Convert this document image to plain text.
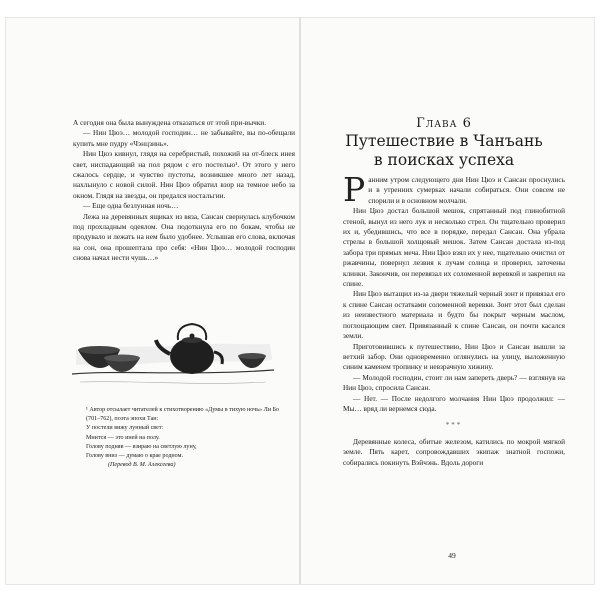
А сегодня она была вынуждена отказаться от этой при-вычки.

— Нин Цюэ… молодой господин… не забывайте, вы по-обещали купить мне пудру «Чэнцзинь».

Нин Цюэ кивнул, глядя на серебристый, похожий на от-блеск инея свет, ниспадающий на пол рядом с его постелью¹. От этого у него сжалось сердце, и чувство пустоты, возникшее много лет назад, нахлынуло с новой силой. Нин Цюэ обратил взор на темное небо за окном. Глядя на звезды, он предался ностальгии.

— Еще одна безлунная ночь…

Лежа на деревянных ящиках из вяза, Сансан свернулась клубочком под прохладным одеялом. Она подоткнула его по бокам, чтобы не продувало и лежать на нем было удобнее. Услышав его слова, включая на сон, она прошептала про себя: «Нин Цюэ… молодой господин снова начал нести чушь…»

¹ Автор отсылает читателей к стихотворению «Думы в тихую ночь» Ли Бо (701–762), поэта эпохи Тан:

У постели вижу лунный свет:

Мнится — это иней на полу.

Голову подняв — взираю на светлую луну,

Голову вниз — думаю о крае родном.

(Перевод В. М. Алексеева)

Глава 6
Путешествие в Чанъань
в поисках успеха

Ранним утром следующего дня Нин Цюэ и Сансан проснулись и в утренних сумерках начали собираться. Они совсем не спорили и в основном молчали.

Нин Цюэ достал большой мешок, спрятанный под глинобитной стеной, вынул из него лук и несколько стрел. Он тщательно проверил их и, убедившись, что все в порядке, передал Сансан. Она убрала стрелы в большой холщовый мешок. Затем Сансан достала из-под забора три прямых меча. Нин Цюэ взял их у нее, тщательно очистил от ржавчины, повернул лезвия к лучам солнца и проверил, заточены клинки. Закончив, он перевязал их соломенной веревкой и закрепил на спине.

Нин Цюэ вытащил из-за двери тяжелый черный зонт и привязал его к спине Сансан остатками соломенной веревки. Зонт этот был сделан из неизвестного материала и будто бы покрыт черным маслом, поглощающим свет. Привязанный к спине Сансан, он почти касался земли.

Приготовившись к путешествию, Нин Цюэ и Сансан вышли за ветхий забор. Они одновременно оглянулись на улицу, выложенную синим каменем тропинку и невзрачную хижину.

— Молодой господин, стоит ли нам запереть дверь? — взглянув на Нин Цюэ, спросила Сансан.

— Нет. — После недолгого молчания Нин Цюэ продолжил: — Мы… вряд ли вернемся сюда.

***

Деревянные колеса, обитые железом, катились по мокрой мягкой земле. Пять карет, сопровождавших экипаж знатной госпожи, собирались покинуть Вэйчэнь. Вдоль дороги

49
